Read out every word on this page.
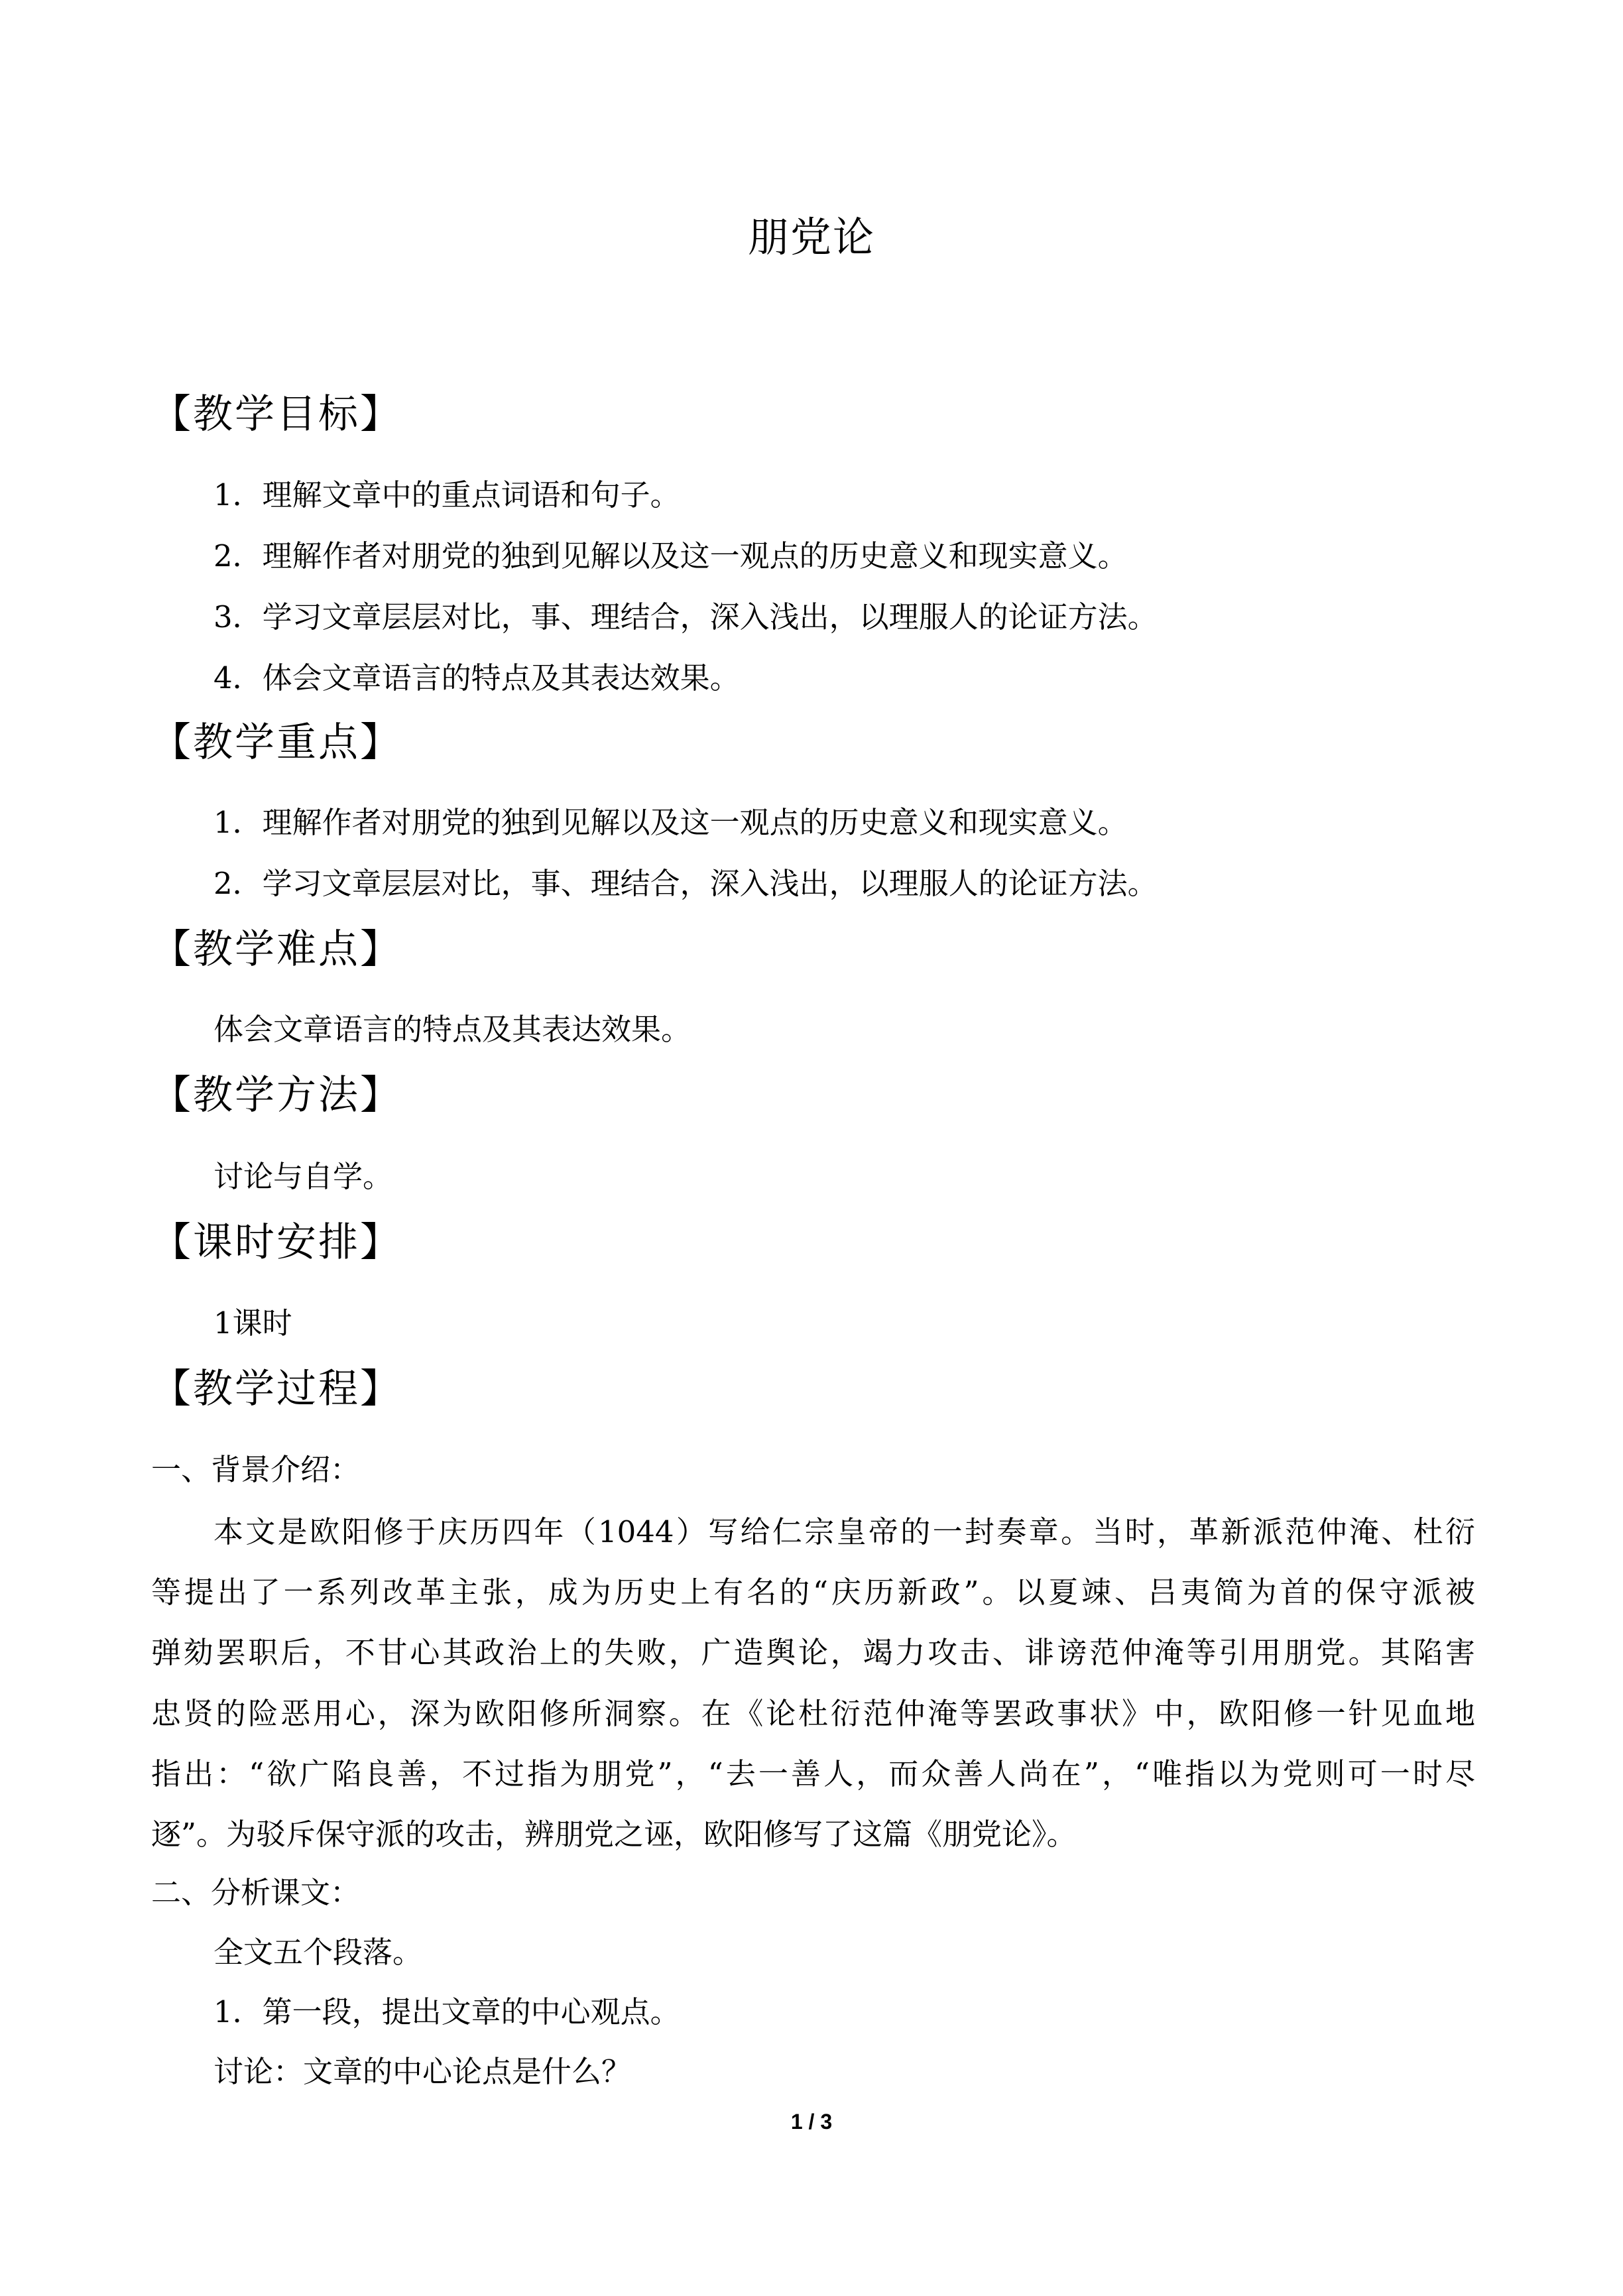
朋党论
【教学目标】
1．理解文章中的重点词语和句子。
2．理解作者对朋党的独到见解以及这一观点的历史意义和现实意义。
3．学习文章层层对比，事、理结合，深入浅出，以理服人的论证方法。
4．体会文章语言的特点及其表达效果。
【教学重点】
1．理解作者对朋党的独到见解以及这一观点的历史意义和现实意义。
2．学习文章层层对比，事、理结合，深入浅出，以理服人的论证方法。
【教学难点】
体会文章语言的特点及其表达效果。
【教学方法】
讨论与自学。
【课时安排】
1课时
【教学过程】
一、背景介绍：
本文是欧阳修于庆历四年（1044）写给仁宗皇帝的一封奏章。当时，革新派范仲淹、杜衍
等提出了一系列改革主张，成为历史上有名的“庆历新政”。以夏竦、吕夷简为首的保守派被
弹劾罢职后，不甘心其政治上的失败，广造舆论，竭力攻击、诽谤范仲淹等引用朋党。其陷害
忠贤的险恶用心，深为欧阳修所洞察。在《论杜衍范仲淹等罢政事状》中，欧阳修一针见血地
指出：“欲广陷良善，不过指为朋党”，“去一善人，而众善人尚在”，“唯指以为党则可一时尽
逐”。为驳斥保守派的攻击，辨朋党之诬，欧阳修写了这篇《朋党论》。
二、分析课文：
全文五个段落。
1．第一段，提出文章的中心观点。
讨论：文章的中心论点是什么？
1 / 3
